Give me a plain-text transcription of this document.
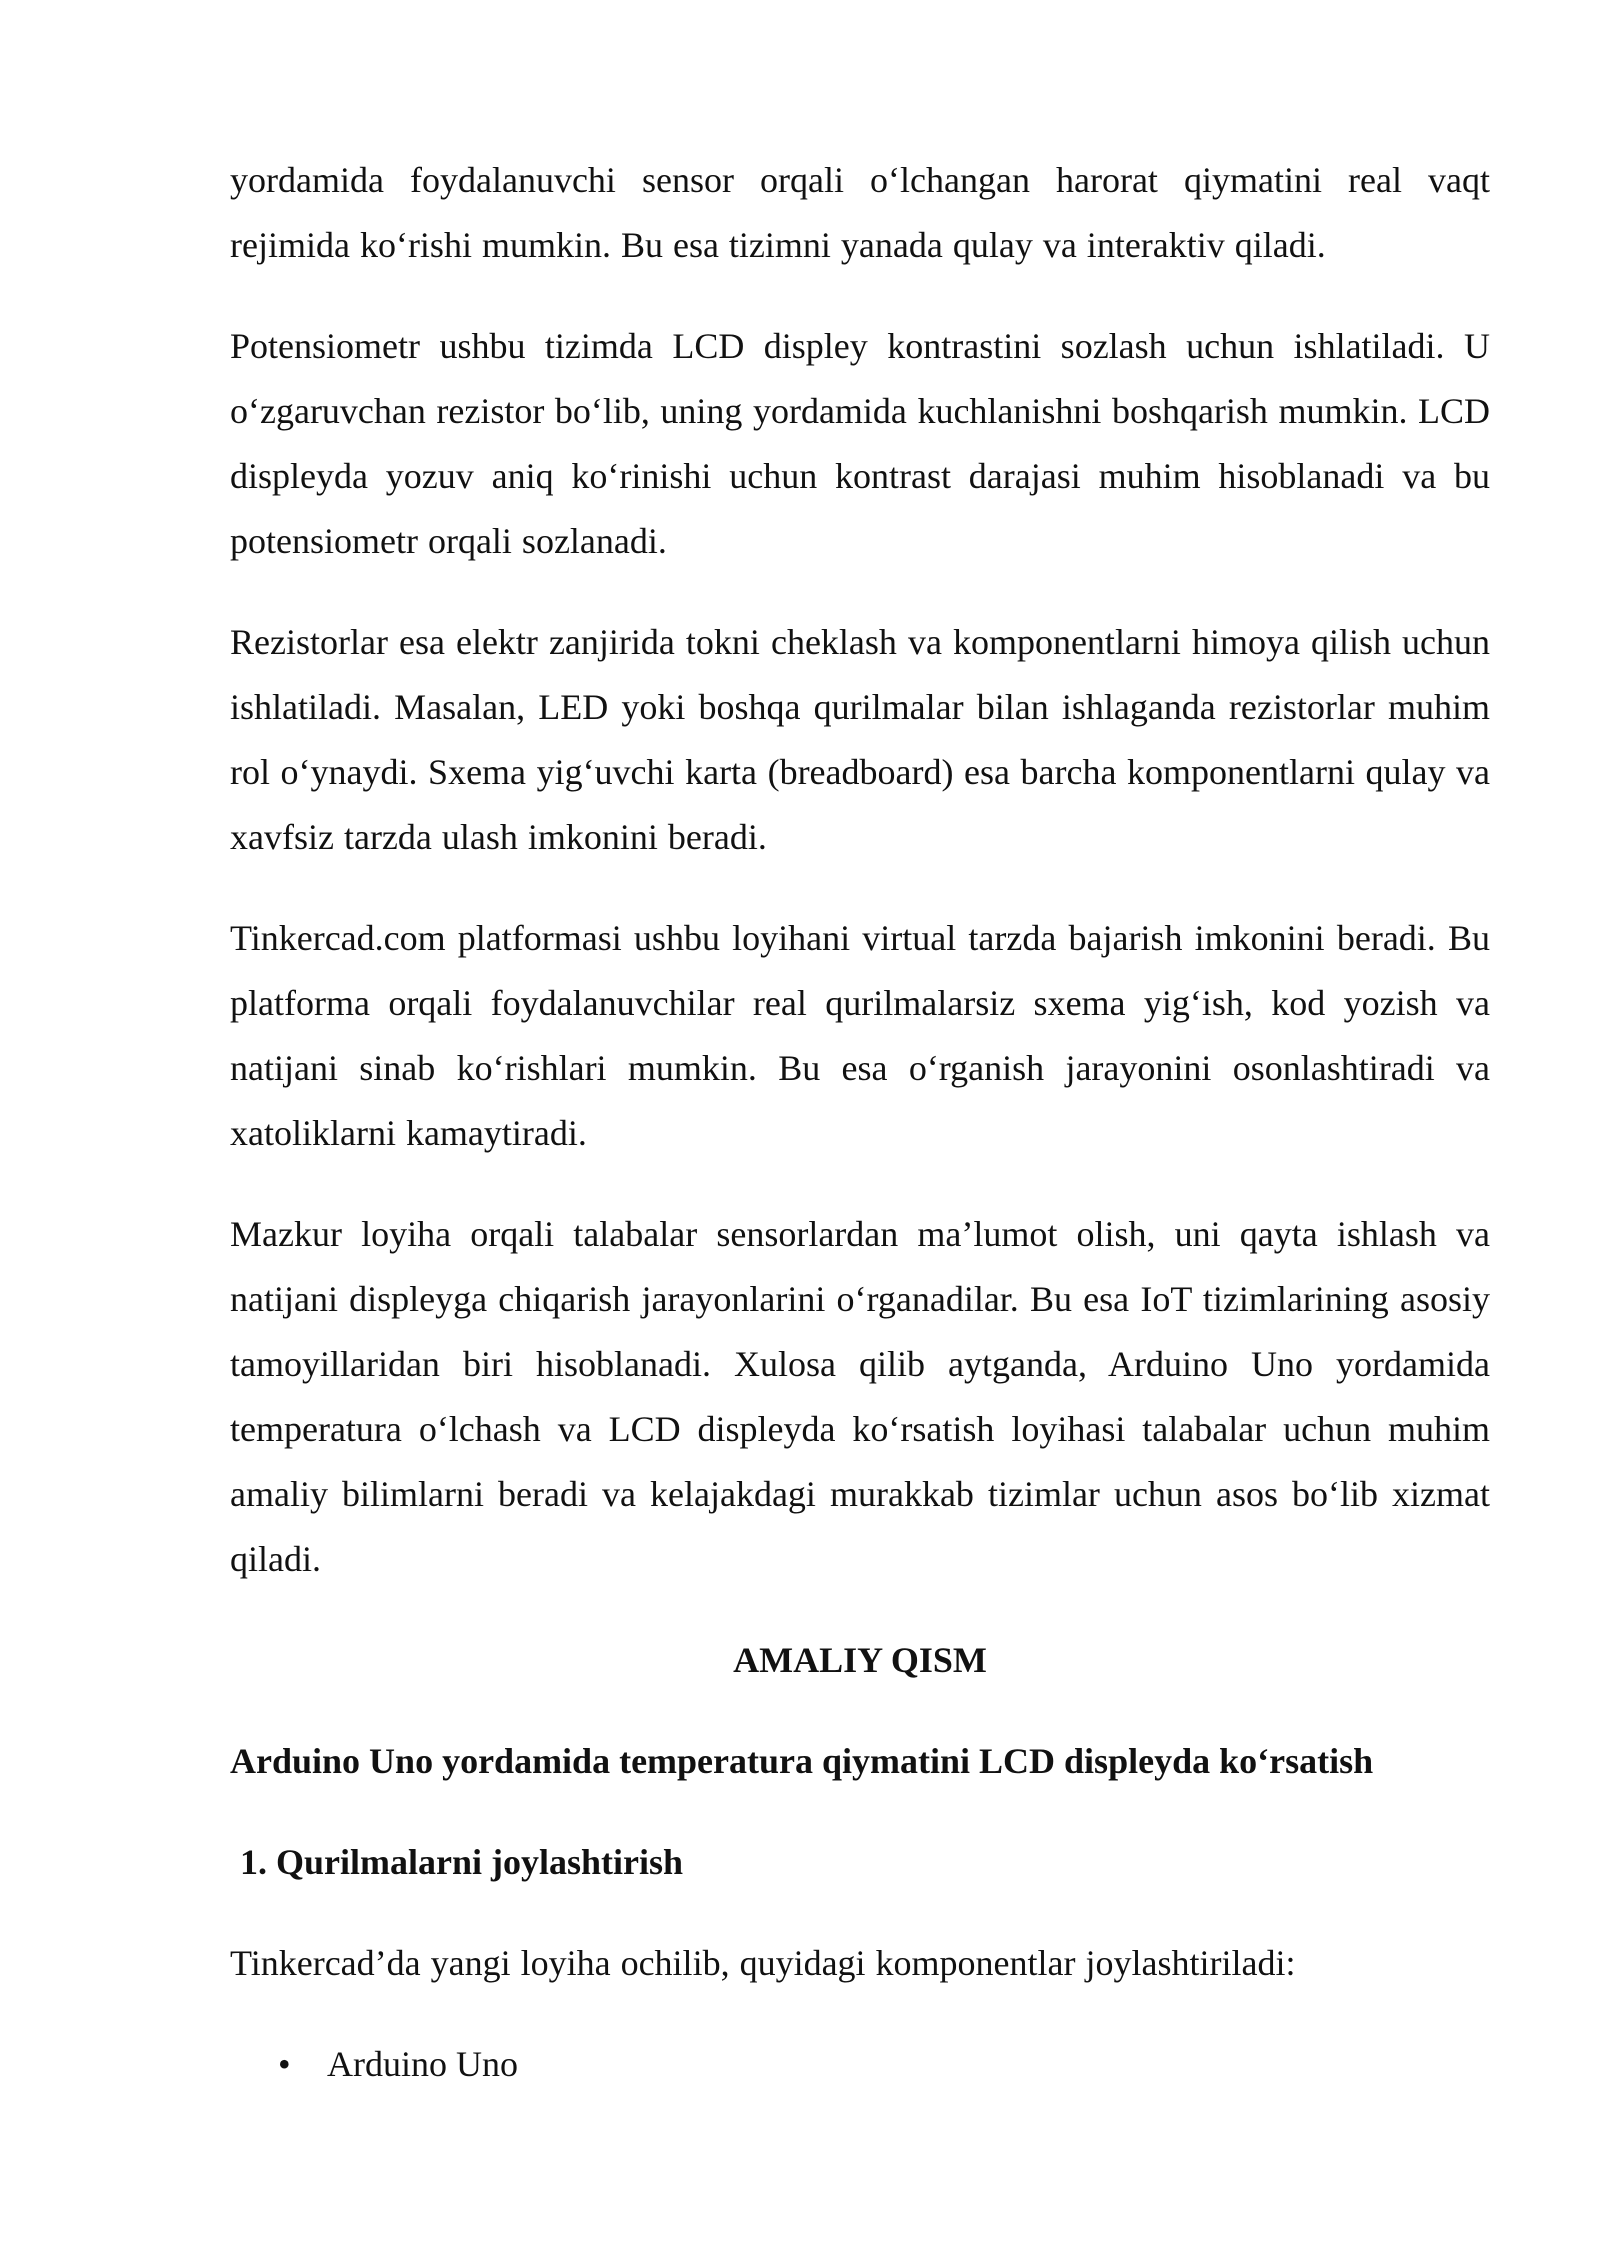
yordamida foydalanuvchi sensor orqali o‘lchangan harorat qiymatini real vaqt rejimida ko‘rishi mumkin. Bu esa tizimni yanada qulay va interaktiv qiladi.

Potensiometr ushbu tizimda LCD displey kontrastini sozlash uchun ishlatiladi. U o‘zgaruvchan rezistor bo‘lib, uning yordamida kuchlanishni boshqarish mumkin. LCD displeyda yozuv aniq ko‘rinishi uchun kontrast darajasi muhim hisoblanadi va bu potensiometr orqali sozlanadi.

Rezistorlar esa elektr zanjirida tokni cheklash va komponentlarni himoya qilish uchun ishlatiladi. Masalan, LED yoki boshqa qurilmalar bilan ishlaganda rezistorlar muhim rol o‘ynaydi. Sxema yig‘uvchi karta (breadboard) esa barcha komponentlarni qulay va xavfsiz tarzda ulash imkonini beradi.

Tinkercad.com platformasi ushbu loyihani virtual tarzda bajarish imkonini beradi. Bu platforma orqali foydalanuvchilar real qurilmalarsiz sxema yig‘ish, kod yozish va natijani sinab ko‘rishlari mumkin. Bu esa o‘rganish jarayonini osonlashtiradi va xatoliklarni kamaytiradi.

Mazkur loyiha orqali talabalar sensorlardan ma’lumot olish, uni qayta ishlash va natijani displeyga chiqarish jarayonlarini o‘rganadilar. Bu esa IoT tizimlarining asosiy tamoyillaridan biri hisoblanadi. Xulosa qilib aytganda, Arduino Uno yordamida temperatura o‘lchash va LCD displeyda ko‘rsatish loyihasi talabalar uchun muhim amaliy bilimlarni beradi va kelajakdagi murakkab tizimlar uchun asos bo‘lib xizmat qiladi.

AMALIY QISM
Arduino Uno yordamida temperatura qiymatini LCD displeyda ko‘rsatish
1. Qurilmalarni joylashtirish

Tinkercad’da yangi loyiha ochilib, quyidagi komponentlar joylashtiriladi:

• Arduino Uno
